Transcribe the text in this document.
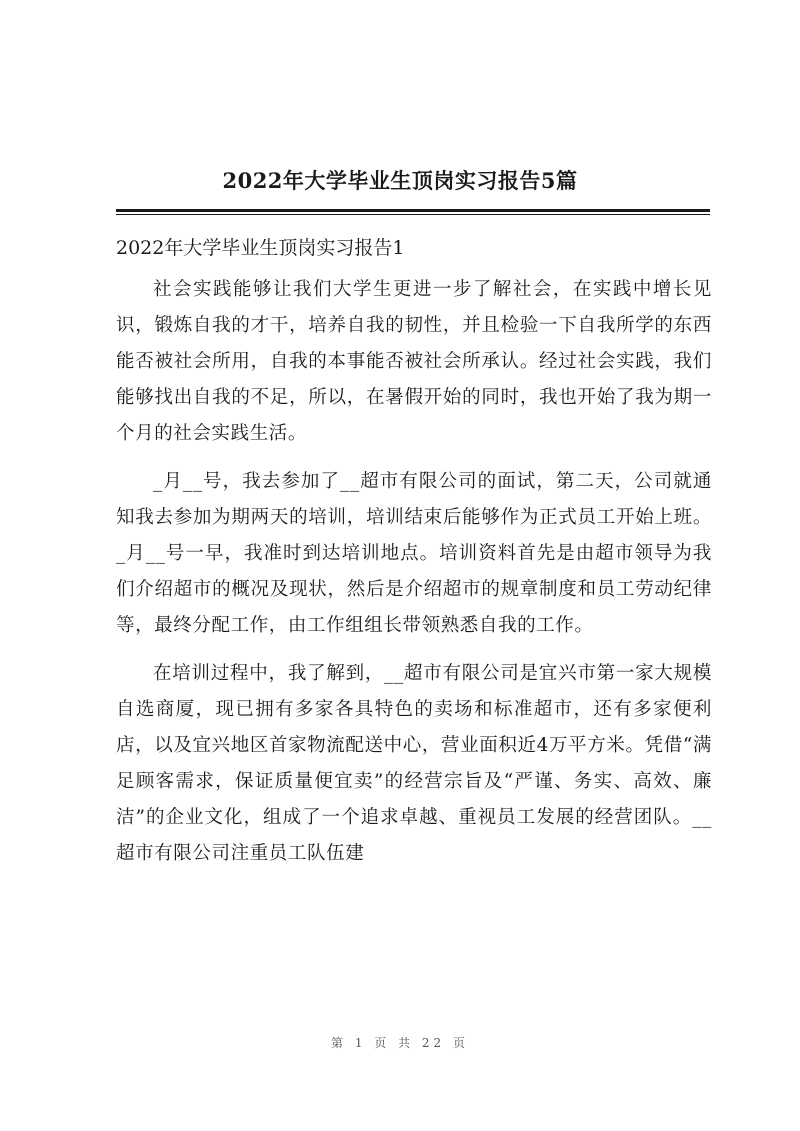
2022年大学毕业生顶岗实习报告5篇
2022年大学毕业生顶岗实习报告1

社会实践能够让我们大学生更进一步了解社会，在实践中增长见识，锻炼自我的才干，培养自我的韧性，并且检验一下自我所学的东西能否被社会所用，自我的本事能否被社会所承认。经过社会实践，我们能够找出自我的不足，所以，在暑假开始的同时，我也开始了我为期一个月的社会实践生活。

_月__号，我去参加了__超市有限公司的面试，第二天，公司就通知我去参加为期两天的培训，培训结束后能够作为正式员工开始上班。_月__号一早，我准时到达培训地点。培训资料首先是由超市领导为我们介绍超市的概况及现状，然后是介绍超市的规章制度和员工劳动纪律等，最终分配工作，由工作组组长带领熟悉自我的工作。

在培训过程中，我了解到，__超市有限公司是宜兴市第一家大规模自选商厦，现已拥有多家各具特色的卖场和标准超市，还有多家便利店，以及宜兴地区首家物流配送中心，营业面积近4万平方米。凭借“满足顾客需求，保证质量便宜卖”的经营宗旨及“严谨、务实、高效、廉洁”的企业文化，组成了一个追求卓越、重视员工发展的经营团队。__超市有限公司注重员工队伍建

第 1 页 共 22 页
